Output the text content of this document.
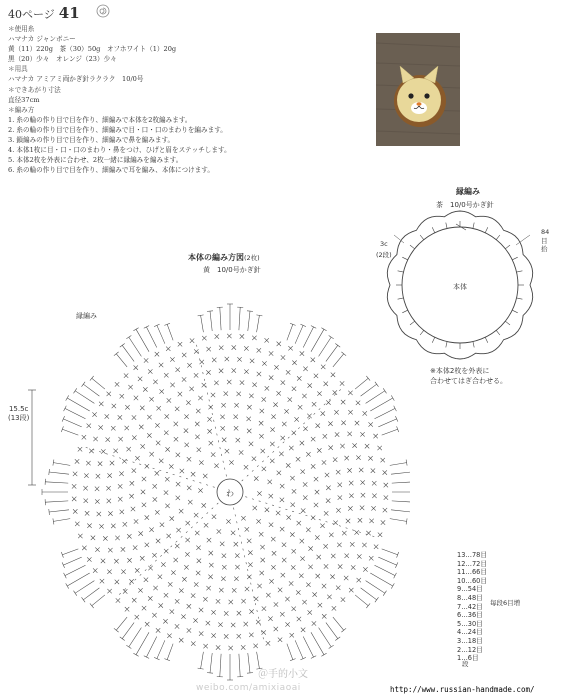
40ページ 41
＊使用糸
ハマナカ ジャンボニー
黄（11）220g　茶（30）50g　オフホワイト（1）20g
黒（20）少々　オレンジ（23）少々
＊用具
ハマナカ アミアミ両かぎ針ラクラク　10/0号
＊できあがり寸法
直径37cm
＊編み方
1. 糸の輪の作り目で目を作り、細編みで本体を2枚編みます。
2. 糸の輪の作り目で目を作り、細編みで目・口・口のまわりを編みます。
3. 鎖編みの作り目で目を作り、細編みで鼻を編みます。
4. 本体1枚に目・口・口のまわり・鼻をつけ、ひげと眉をステッチします。
5. 本体2枚を外表に合わせ、2枚一緒に縁編みを編みます。
6. 糸の輪の作り目で目を作り、細編みで耳を編み、本体につけます。
縁編み
茶　10/0号かぎ針
本体
3c
(2段)
84
目
拾
※本体2枚を外表に
合わせてはぎ合わせる。
本体の編み方図(2枚)
黄　10/0号かぎ針
縁編み
15.5c
(13段)
わ
13…78目
12…72目
11…66目
10…60目
9…54目
8…48目
7…42目
6…36目
5…30目
4…24目
3…18目
2…12目
1…6目
毎段6目増
段
＠手的小文
weibo.com/amixiaoai	http://www.russian-handmade.com/
